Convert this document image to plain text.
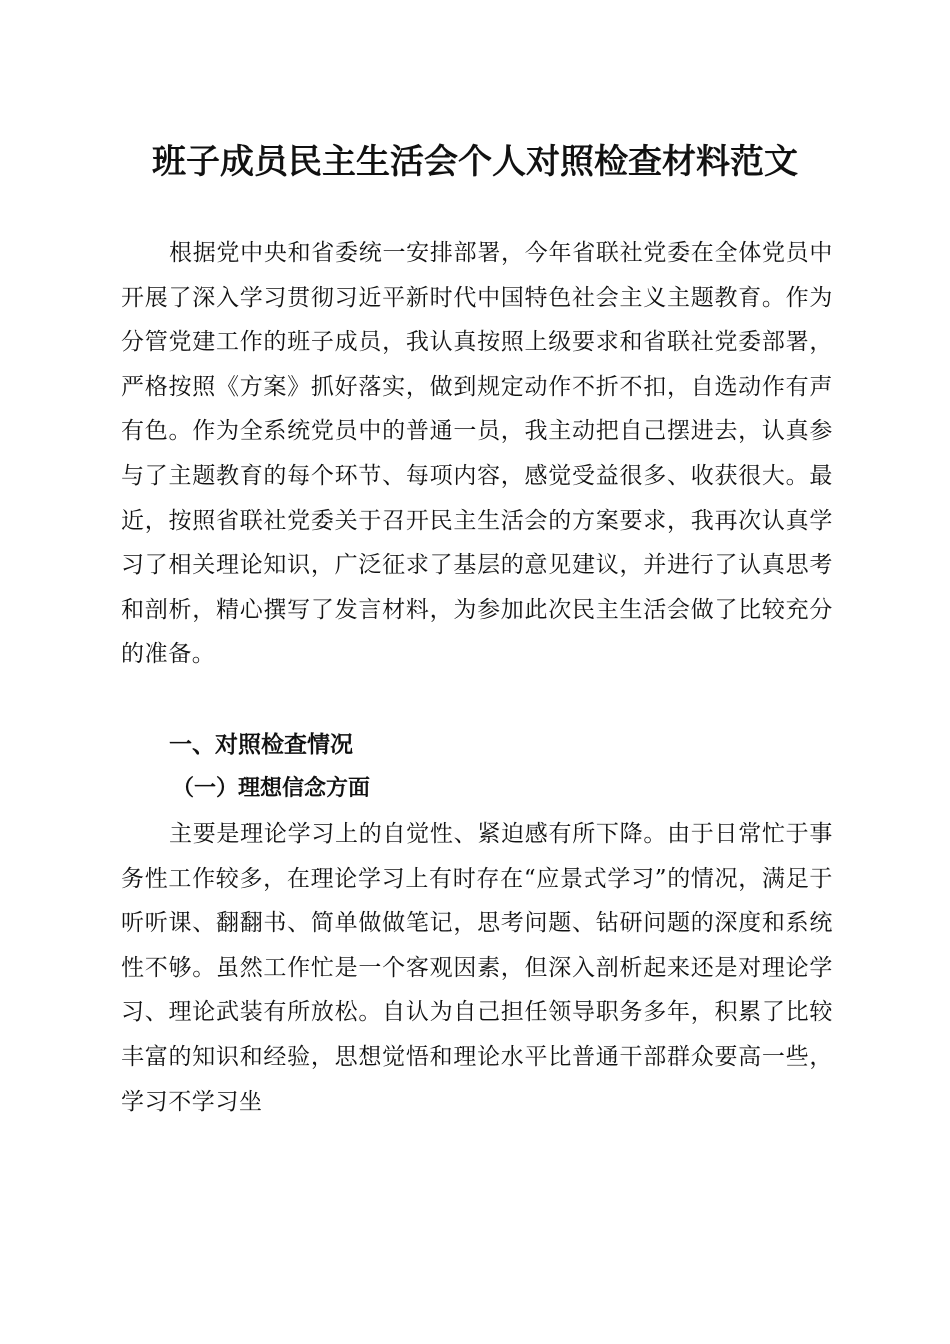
班子成员民主生活会个人对照检查材料范文

根据党中央和省委统一安排部署，今年省联社党委在全体党员中开展了深入学习贯彻习近平新时代中国特色社会主义主题教育。作为分管党建工作的班子成员，我认真按照上级要求和省联社党委部署，严格按照《方案》抓好落实，做到规定动作不折不扣，自选动作有声有色。作为全系统党员中的普通一员，我主动把自己摆进去，认真参与了主题教育的每个环节、每项内容，感觉受益很多、收获很大。最近，按照省联社党委关于召开民主生活会的方案要求，我再次认真学习了相关理论知识，广泛征求了基层的意见建议，并进行了认真思考和剖析，精心撰写了发言材料，为参加此次民主生活会做了比较充分的准备。

一、对照检查情况
（一）理想信念方面

主要是理论学习上的自觉性、紧迫感有所下降。由于日常忙于事务性工作较多，在理论学习上有时存在“应景式学习”的情况，满足于听听课、翻翻书、简单做做笔记，思考问题、钻研问题的深度和系统性不够。虽然工作忙是一个客观因素，但深入剖析起来还是对理论学习、理论武装有所放松。自认为自己担任领导职务多年，积累了比较丰富的知识和经验，思想觉悟和理论水平比普通干部群众要高一些，学习不学习坐
